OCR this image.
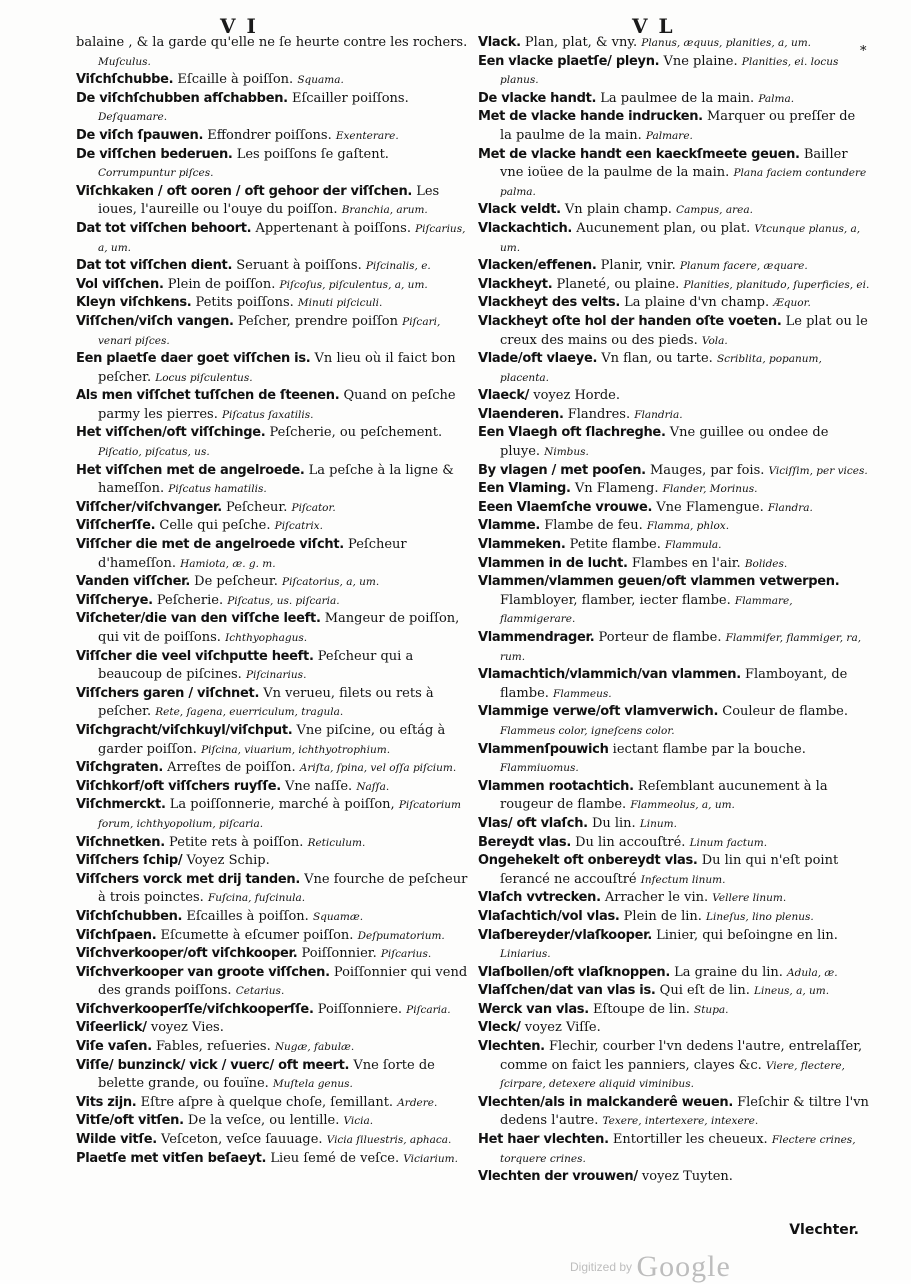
V I	V L
*

balaine , & la garde qu'elle ne ſe heurte contre les rochers. Muſculus.

Viſchſchubbe. Eſcaille à poiſſon. Squama.

De viſchſchubben afſchabben. Eſcailler poiſſons. Deſquamare.

De viſch ſpauwen. Effondrer poiſſons. Exenterare.

De viſſchen bederuen. Les poiſſons ſe gaſtent. Corrumpuntur piſces.

Viſchkaken / oft ooren / oft gehoor der viſſchen. Les ioues, l'aureille ou l'ouye du poiſſon. Branchia, arum.

Dat tot viſſchen behoort. Appertenant à poiſſons. Piſcarius, a, um.

Dat tot viſſchen dient. Seruant à poiſſons. Piſcinalis, e.

Vol viſſchen. Plein de poiſſon. Piſcoſus, piſculentus, a, um.

Kleyn viſchkens. Petits poiſſons. Minuti piſciculi.

Viſſchen/viſch vangen. Peſcher, prendre poiſſon Piſcari, venari piſces.

Een plaetſe daer goet viſſchen is. Vn lieu où il faict bon peſcher. Locus piſculentus.

Als men viſſchet tuſſchen de ſteenen. Quand on peſche parmy les pierres. Piſcatus ſaxatilis.

Het viſſchen/oft viſſchinge. Peſcherie, ou peſchement. Piſcatio, piſcatus, us.

Het viſſchen met de angelroede. La peſche à la ligne & hameſſon. Piſcatus hamatilis.

Viſſcher/viſchvanger. Peſcheur. Piſcator.

Viſſcherſſe. Celle qui peſche. Piſcatrix.

Viſſcher die met de angelroede viſcht. Peſcheur d'hameſſon. Hamiota, æ. g. m.

Vanden viſſcher. De peſcheur. Piſcatorius, a, um.

Viſſcherye. Peſcherie. Piſcatus, us. piſcaria.

Viſcheter/die van den viſſche leeft. Mangeur de poiſſon, qui vit de poiſſons. Ichthyophagus.

Viſſcher die veel viſchputte heeft. Peſcheur qui a beaucoup de piſcines. Piſcinarius.

Viſſchers garen / viſchnet. Vn verueu, filets ou rets à peſcher. Rete, ſagena, euerriculum, tragula.

Viſchgracht/viſchkuyl/viſchput. Vne piſcine, ou eſtág à garder poiſſon. Piſcina, viuarium, ichthyotrophium.

Viſchgraten. Arreſtes de poiſſon. Ariſta, ſpina, vel oſſa piſcium.

Viſchkorf/oft viſſchers ruyſſe. Vne naſſe. Naſſa.

Viſchmerckt. La poiſſonnerie, marché à poiſſon, Piſcatorium forum, ichthyopolium, piſcaria.

Viſchnetken. Petite rets à poiſſon. Reticulum.

Viſſchers ſchip/ Voyez Schip.

Viſſchers vorck met drij tanden. Vne fourche de peſcheur à trois poinctes. Fuſcina, fuſcinula.

Viſchſchubben. Eſcailles à poiſſon. Squamæ.

Viſchſpaen. Eſcumette à eſcumer poiſſon. Deſpumatorium.

Viſchverkooper/oft viſchkooper. Poiſſonnier. Piſcarius.

Viſchverkooper van groote viſſchen. Poiſſonnier qui vend des grands poiſſons. Cetarius.

Viſchverkooperſſe/viſchkooperſſe. Poiſſonniere. Piſcaria.

Viſeerlick/ voyez Vies.

Viſe vaſen. Fables, reſueries. Nugæ, fabulæ.

Viſſe/ bunzinck/ vick / vuerc/ oft meert. Vne ſorte de belette grande, ou fouïne. Muſtela genus.

Vits zijn. Eſtre aſpre à quelque choſe, ſemillant. Ardere.

Vitſe/oft vitſen. De la veſce, ou lentille. Vicia.

Wilde vitſe. Veſceton, veſce ſauuage. Vicia ſiluestris, aphaca.

Plaetſe met vitſen beſaeyt. Lieu ſemé de veſce. Viciarium.

Vlack. Plan, plat, & vny. Planus, æquus, planities, a, um.

Een vlacke plaetſe/ pleyn. Vne plaine. Planities, ei. locus planus.

De vlacke handt. La paulmee de la main. Palma.

Met de vlacke hande indrucken. Marquer ou preſſer de la paulme de la main. Palmare.

Met de vlacke handt een kaeckſmeete geuen. Bailler vne ioüee de la paulme de la main. Plana faciem contundere palma.

Vlack veldt. Vn plain champ. Campus, area.

Vlackachtich. Aucunement plan, ou plat. Vtcunque planus, a, um.

Vlacken/effenen. Planir, vnir. Planum facere, æquare.

Vlackheyt. Planeté, ou plaine. Planities, planitudo, ſuperficies, ei.

Vlackheyt des velts. La plaine d'vn champ. Æquor.

Vlackheyt oſte hol der handen oſte voeten. Le plat ou le creux des mains ou des pieds. Vola.

Vlade/oft vlaeye. Vn flan, ou tarte. Scriblita, popanum, placenta.

Vlaeck/ voyez Horde.

Vlaenderen. Flandres. Flandria.

Een Vlaegh oft ſlachreghe. Vne guillee ou ondee de pluye. Nimbus.

By vlagen / met pooſen. Mauges, par fois. Viciſſim, per vices.

Een Vlaming. Vn Flameng. Flander, Morinus.

Eeen Vlaemſche vrouwe. Vne Flamengue. Flandra.

Vlamme. Flambe de feu. Flamma, phlox.

Vlammeken. Petite flambe. Flammula.

Vlammen in de lucht. Flambes en l'air. Bolides.

Vlammen/vlammen geuen/oft vlammen vetwerpen. Flambloyer, flamber, iecter flambe. Flammare, flammigerare.

Vlammendrager. Porteur de flambe. Flammifer, flammiger, ra, rum.

Vlamachtich/vlammich/van vlammen. Flamboyant, de flambe. Flammeus.

Vlammige verwe/oft vlamverwich. Couleur de flambe. Flammeus color, igneſcens color.

Vlammenſpouwich iectant flambe par la bouche. Flammiuomus.

Vlammen rootachtich. Reſemblant aucunement à la rougeur de flambe. Flammeolus, a, um.

Vlas/ oft vlaſch. Du lin. Linum.

Bereydt vlas. Du lin accouſtré. Linum factum.

Ongehekelt oft onbereydt vlas. Du lin qui n'eſt point ſerancé ne accouſtré Infectum linum.

Vlaſch vvtrecken. Arracher le vin. Vellere linum.

Vlaſachtich/vol vlas. Plein de lin. Lineſus, lino plenus.

Vlaſbereyder/vlaſkooper. Linier, qui beſoingne en lin. Liniarius.

Vlaſbollen/oft vlaſknoppen. La graine du lin. Adula, æ.

Vlaſſchen/dat van vlas is. Qui eſt de lin. Lineus, a, um.

Werck van vlas. Eſtoupe de lin. Stupa.

Vleck/ voyez Viſſe.

Vlechten. Flechir, courber l'vn dedens l'autre, entrelaſſer, comme on faict les panniers, clayes &c. Viere, flectere, ſcirpare, detexere aliquid viminibus.

Vlechten/als in malckanderê weuen. Fleſchir & tiltre l'vn dedens l'autre. Texere, intertexere, intexere.

Het haer vlechten. Entortiller les cheueux. Flectere crines, torquere crines.

Vlechten der vrouwen/ voyez Tuyten.

Vlechter.
Digitized by Google
